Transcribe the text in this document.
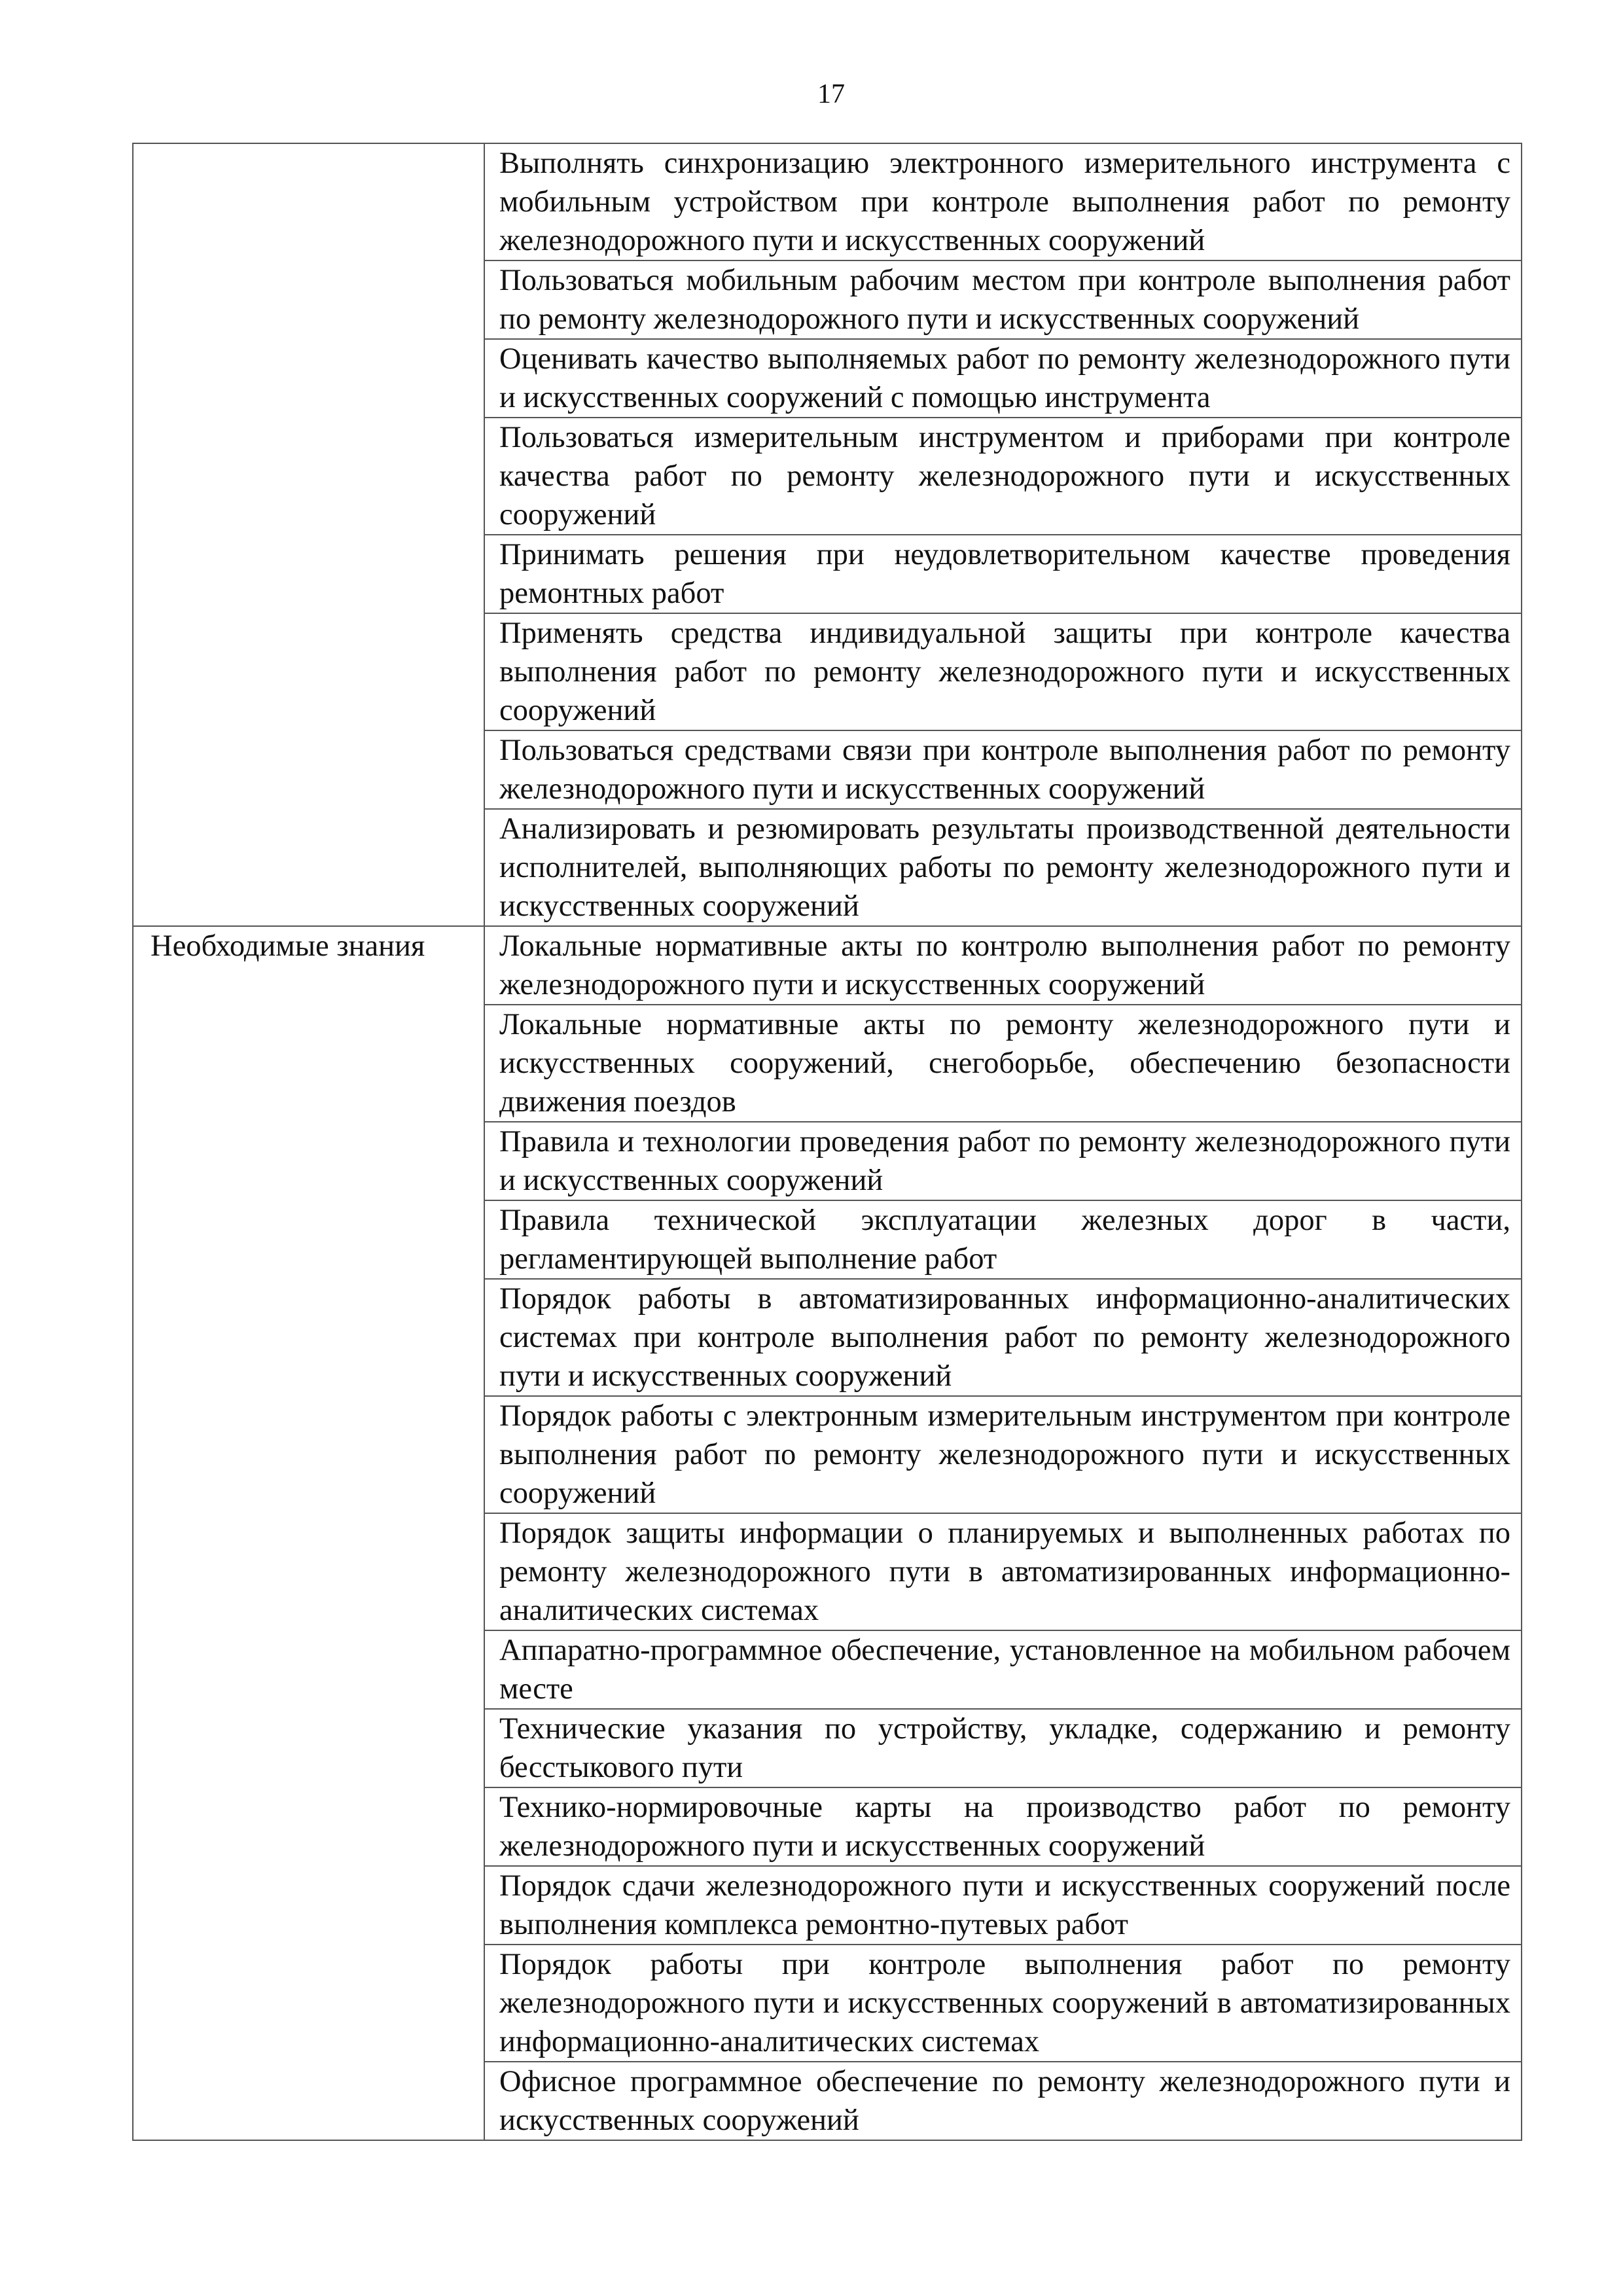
17

	Выполнять синхронизацию электронного измерительного инструмента с мобильным устройством при контроле выполнения работ по ремонту железнодорожного пути и искусственных сооружений

	Пользоваться мобильным рабочим местом при контроле выполнения работ по ремонту железнодорожного пути и искусственных сооружений

	Оценивать качество выполняемых работ по ремонту железнодорожного пути и искусственных сооружений с помощью инструмента

	Пользоваться измерительным инструментом и приборами при контроле качества работ по ремонту железнодорожного пути и искусственных сооружений

	Принимать решения при неудовлетворительном качестве проведения ремонтных работ

	Применять средства индивидуальной защиты при контроле качества выполнения работ по ремонту железнодорожного пути и искусственных сооружений

	Пользоваться средствами связи при контроле выполнения работ по ремонту железнодорожного пути и искусственных сооружений

	Анализировать и резюмировать результаты производственной деятельности исполнителей, выполняющих работы по ремонту железнодорожного пути и искусственных сооружений

Необходимые знания	Локальные нормативные акты по контролю выполнения работ по ремонту железнодорожного пути и искусственных сооружений

	Локальные нормативные акты по ремонту железнодорожного пути и искусственных сооружений, снегоборьбе, обеспечению безопасности движения поездов

	Правила и технологии проведения работ по ремонту железнодорожного пути и искусственных сооружений

	Правила технической эксплуатации железных дорог в части, регламентирующей выполнение работ

	Порядок работы в автоматизированных информационно-аналитических системах при контроле выполнения работ по ремонту железнодорожного пути и искусственных сооружений

	Порядок работы с электронным измерительным инструментом при контроле выполнения работ по ремонту железнодорожного пути и искусственных сооружений

	Порядок защиты информации о планируемых и выполненных работах по ремонту железнодорожного пути в автоматизированных информационно-аналитических системах

	Аппаратно-программное обеспечение, установленное на мобильном рабочем месте

	Технические указания по устройству, укладке, содержанию и ремонту бесстыкового пути

	Технико-нормировочные карты на производство работ по ремонту железнодорожного пути и искусственных сооружений

	Порядок сдачи железнодорожного пути и искусственных сооружений после выполнения комплекса ремонтно-путевых работ

	Порядок работы при контроле выполнения работ по ремонту железнодорожного пути и искусственных сооружений в автоматизированных информационно-аналитических системах

	Офисное программное обеспечение по ремонту железнодорожного пути и искусственных сооружений
